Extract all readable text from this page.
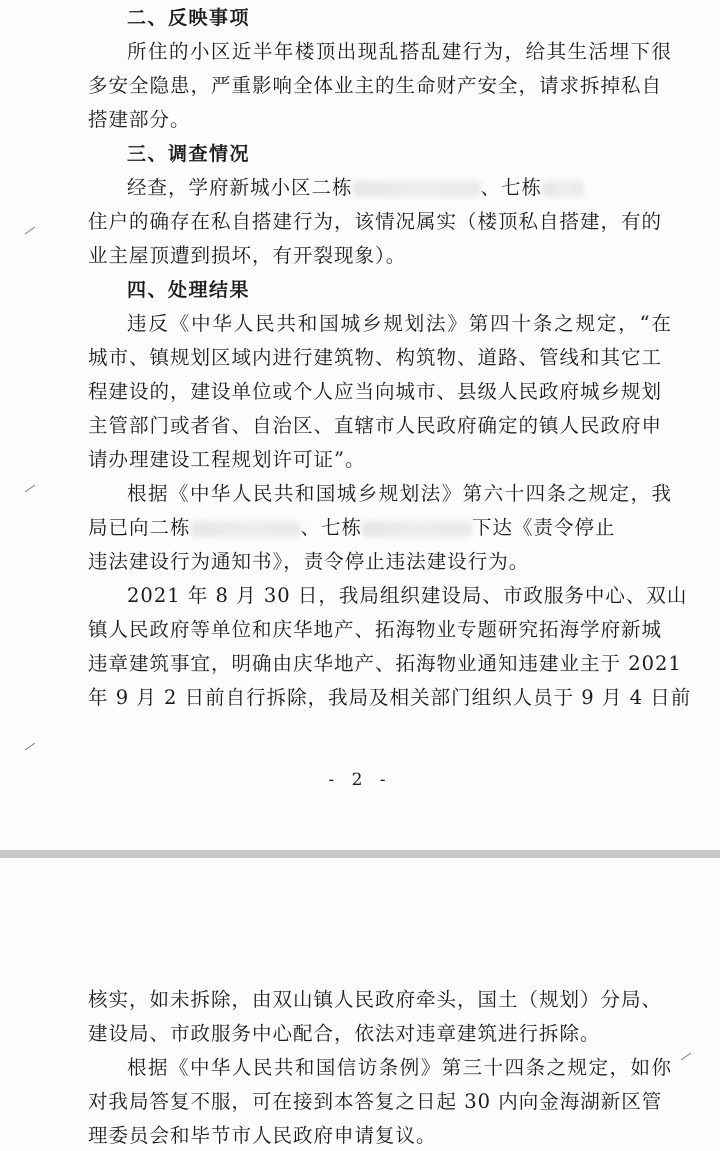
二、反映事项
所住的小区近半年楼顶出现乱搭乱建行为，给其生活埋下很
多安全隐患，严重影响全体业主的生命财产安全，请求拆掉私自
搭建部分。
三、调查情况
经查，学府新城小区二栋	、七栋
住户的确存在私自搭建行为，该情况属实（楼顶私自搭建，有的
业主屋顶遭到损坏，有开裂现象）。
四、处理结果
违反《中华人民共和国城乡规划法》第四十条之规定，“在
城市、镇规划区域内进行建筑物、构筑物、道路、管线和其它工
程建设的，建设单位或个人应当向城市、县级人民政府城乡规划
主管部门或者省、自治区、直辖市人民政府确定的镇人民政府申
请办理建设工程规划许可证”。
根据《中华人民共和国城乡规划法》第六十四条之规定，我
局已向二栋	、七栋	下达《责令停止
违法建设行为通知书》，责令停止违法建设行为。
2021 年 8 月 30 日，我局组织建设局、市政服务中心、双山
镇人民政府等单位和庆华地产、拓海物业专题研究拓海学府新城
违章建筑事宜，明确由庆华地产、拓海物业通知违建业主于 2021
年 9 月 2 日前自行拆除，我局及相关部门组织人员于 9 月 4 日前
- 2 -
核实，如未拆除，由双山镇人民政府牵头，国土（规划）分局、
建设局、市政服务中心配合，依法对违章建筑进行拆除。
根据《中华人民共和国信访条例》第三十四条之规定，如你
对我局答复不服，可在接到本答复之日起 30 内向金海湖新区管
理委员会和毕节市人民政府申请复议。
